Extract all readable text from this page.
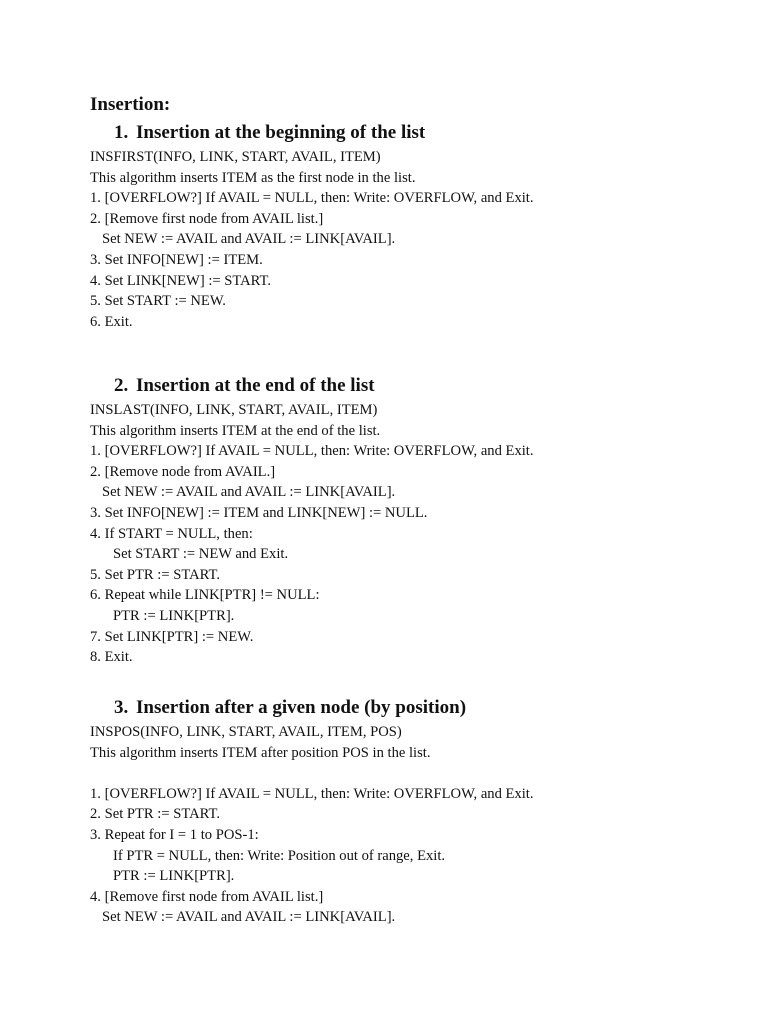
Insertion:
1. Insertion at the beginning of the list
INSFIRST(INFO, LINK, START, AVAIL, ITEM)
This algorithm inserts ITEM as the first node in the list.
1. [OVERFLOW?] If AVAIL = NULL, then: Write: OVERFLOW, and Exit.
2. [Remove first node from AVAIL list.]
Set NEW := AVAIL and AVAIL := LINK[AVAIL].
3. Set INFO[NEW] := ITEM.
4. Set LINK[NEW] := START.
5. Set START := NEW.
6. Exit.
2. Insertion at the end of the list
INSLAST(INFO, LINK, START, AVAIL, ITEM)
This algorithm inserts ITEM at the end of the list.
1. [OVERFLOW?] If AVAIL = NULL, then: Write: OVERFLOW, and Exit.
2. [Remove node from AVAIL.]
Set NEW := AVAIL and AVAIL := LINK[AVAIL].
3. Set INFO[NEW] := ITEM and LINK[NEW] := NULL.
4. If START = NULL, then:
Set START := NEW and Exit.
5. Set PTR := START.
6. Repeat while LINK[PTR] != NULL:
PTR := LINK[PTR].
7. Set LINK[PTR] := NEW.
8. Exit.
3. Insertion after a given node (by position)
INSPOS(INFO, LINK, START, AVAIL, ITEM, POS)
This algorithm inserts ITEM after position POS in the list.
1. [OVERFLOW?] If AVAIL = NULL, then: Write: OVERFLOW, and Exit.
2. Set PTR := START.
3. Repeat for I = 1 to POS-1:
If PTR = NULL, then: Write: Position out of range, Exit.
PTR := LINK[PTR].
4. [Remove first node from AVAIL list.]
Set NEW := AVAIL and AVAIL := LINK[AVAIL].
